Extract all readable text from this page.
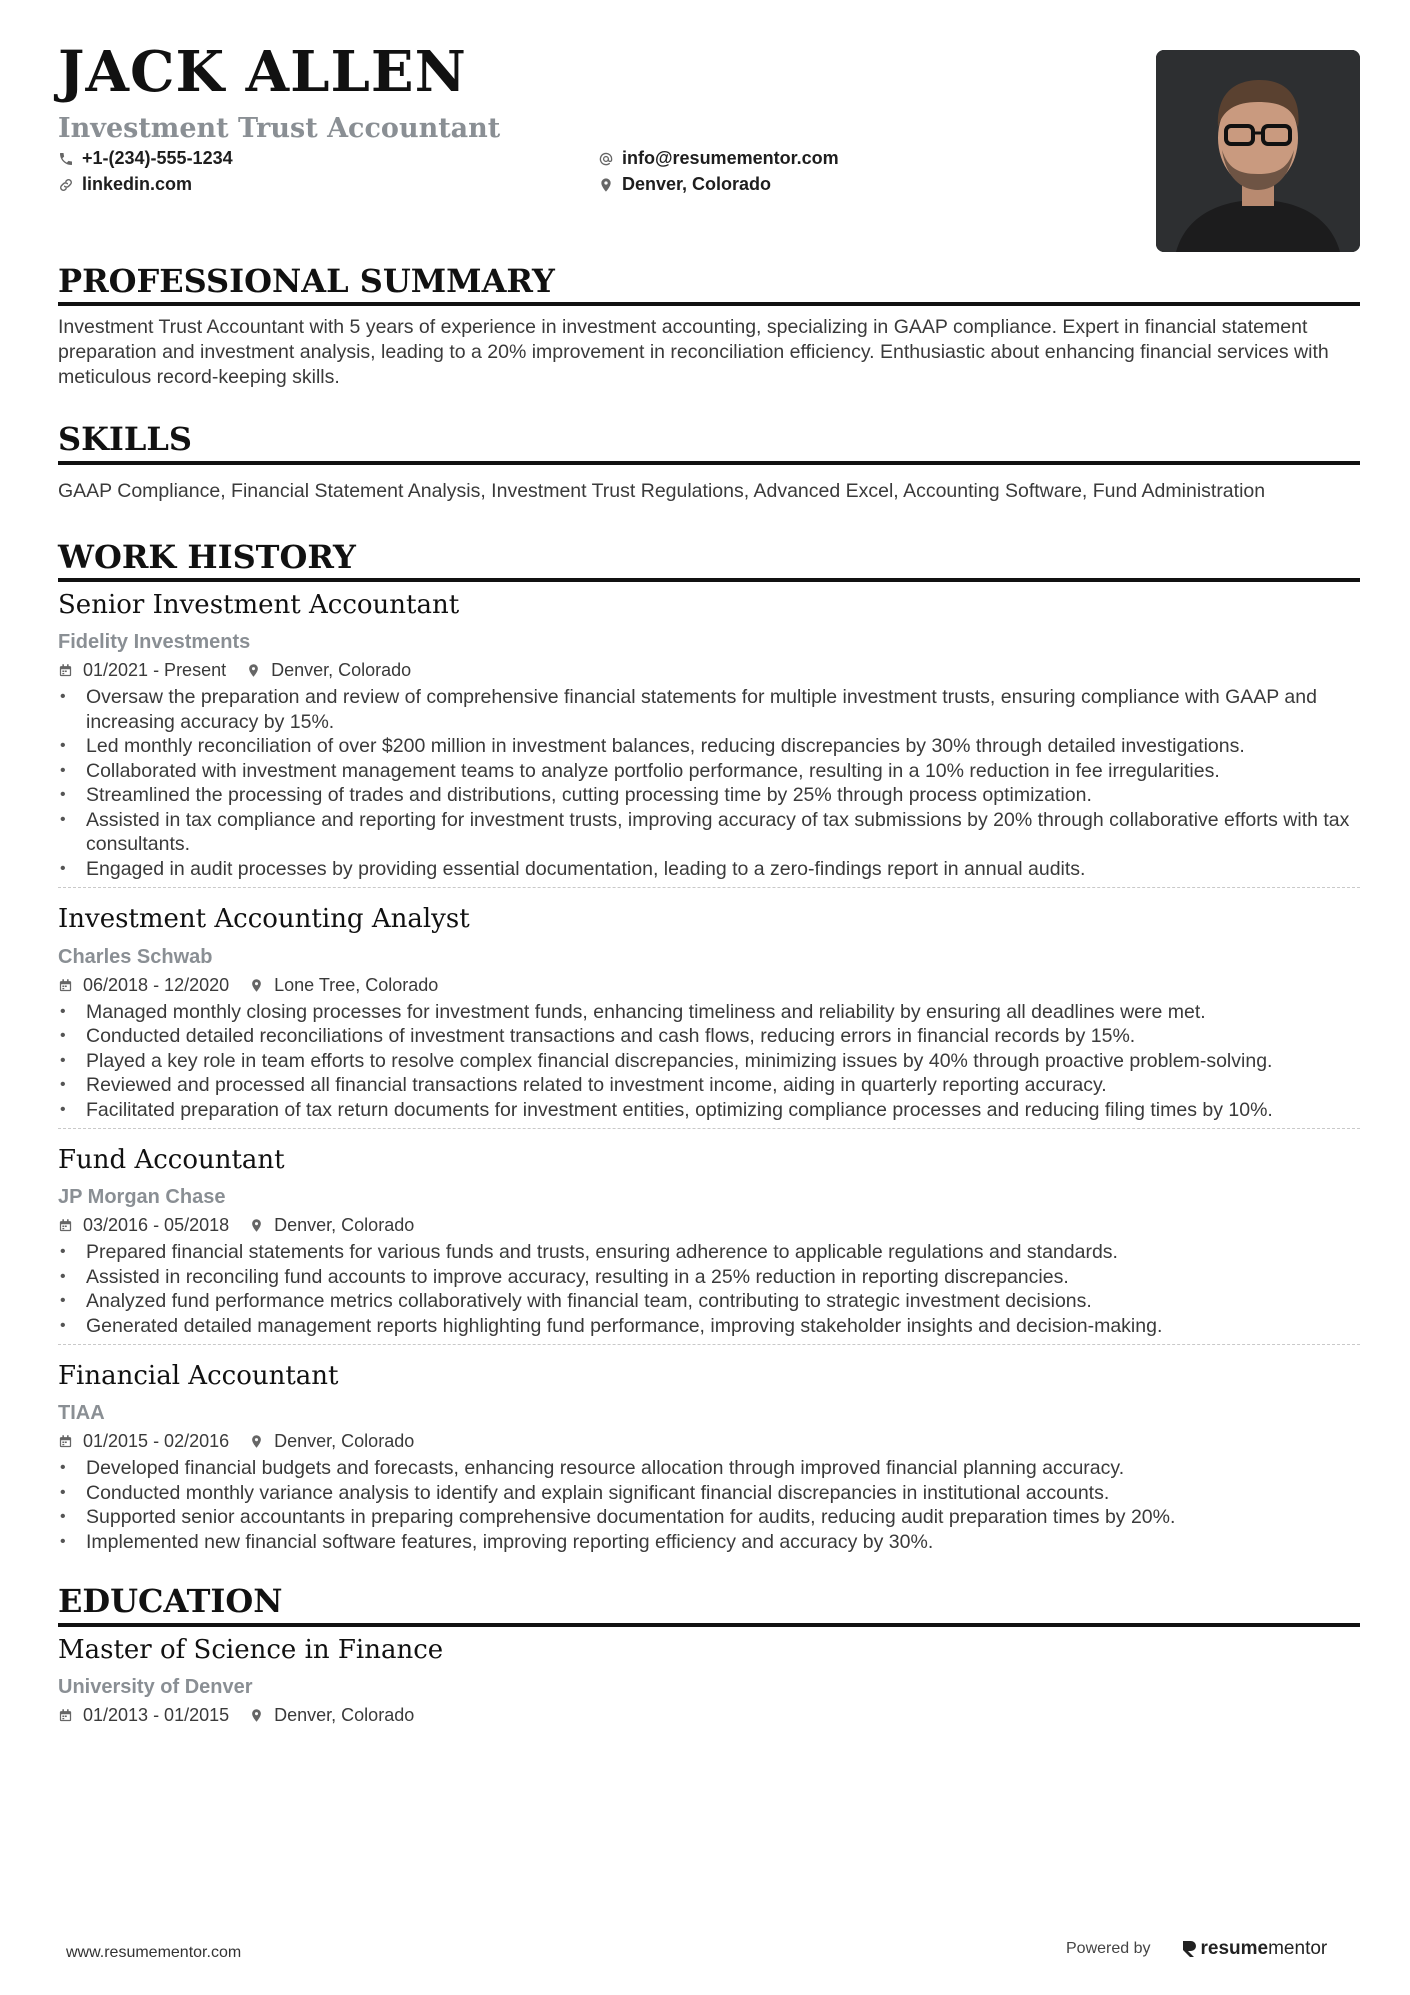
JACK ALLEN
Investment Trust Accountant
+1-(234)-555-1234
linkedin.com
info@resumementor.com
Denver, Colorado
PROFESSIONAL SUMMARY

Investment Trust Accountant with 5 years of experience in investment accounting, specializing in GAAP compliance. Expert in financial statement preparation and investment analysis, leading to a 20% improvement in reconciliation efficiency. Enthusiastic about enhancing financial services with meticulous record-keeping skills.

SKILLS

GAAP Compliance, Financial Statement Analysis, Investment Trust Regulations, Advanced Excel, Accounting Software, Fund Administration

WORK HISTORY
Senior Investment Accountant
Fidelity Investments
01/2021 - Present	Denver, Colorado
• Oversaw the preparation and review of comprehensive financial statements for multiple investment trusts, ensuring compliance with GAAP and increasing accuracy by 15%.
• Led monthly reconciliation of over $200 million in investment balances, reducing discrepancies by 30% through detailed investigations.
• Collaborated with investment management teams to analyze portfolio performance, resulting in a 10% reduction in fee irregularities.
• Streamlined the processing of trades and distributions, cutting processing time by 25% through process optimization.
• Assisted in tax compliance and reporting for investment trusts, improving accuracy of tax submissions by 20% through collaborative efforts with tax consultants.
• Engaged in audit processes by providing essential documentation, leading to a zero-findings report in annual audits.
Investment Accounting Analyst
Charles Schwab
06/2018 - 12/2020	Lone Tree, Colorado
• Managed monthly closing processes for investment funds, enhancing timeliness and reliability by ensuring all deadlines were met.
• Conducted detailed reconciliations of investment transactions and cash flows, reducing errors in financial records by 15%.
• Played a key role in team efforts to resolve complex financial discrepancies, minimizing issues by 40% through proactive problem-solving.
• Reviewed and processed all financial transactions related to investment income, aiding in quarterly reporting accuracy.
• Facilitated preparation of tax return documents for investment entities, optimizing compliance processes and reducing filing times by 10%.
Fund Accountant
JP Morgan Chase
03/2016 - 05/2018	Denver, Colorado
• Prepared financial statements for various funds and trusts, ensuring adherence to applicable regulations and standards.
• Assisted in reconciling fund accounts to improve accuracy, resulting in a 25% reduction in reporting discrepancies.
• Analyzed fund performance metrics collaboratively with financial team, contributing to strategic investment decisions.
• Generated detailed management reports highlighting fund performance, improving stakeholder insights and decision-making.
Financial Accountant
TIAA
01/2015 - 02/2016	Denver, Colorado
• Developed financial budgets and forecasts, enhancing resource allocation through improved financial planning accuracy.
• Conducted monthly variance analysis to identify and explain significant financial discrepancies in institutional accounts.
• Supported senior accountants in preparing comprehensive documentation for audits, reducing audit preparation times by 20%.
• Implemented new financial software features, improving reporting efficiency and accuracy by 30%.
EDUCATION
Master of Science in Finance
University of Denver
01/2013 - 01/2015	Denver, Colorado
www.resumementor.com	Powered by	resumementor
